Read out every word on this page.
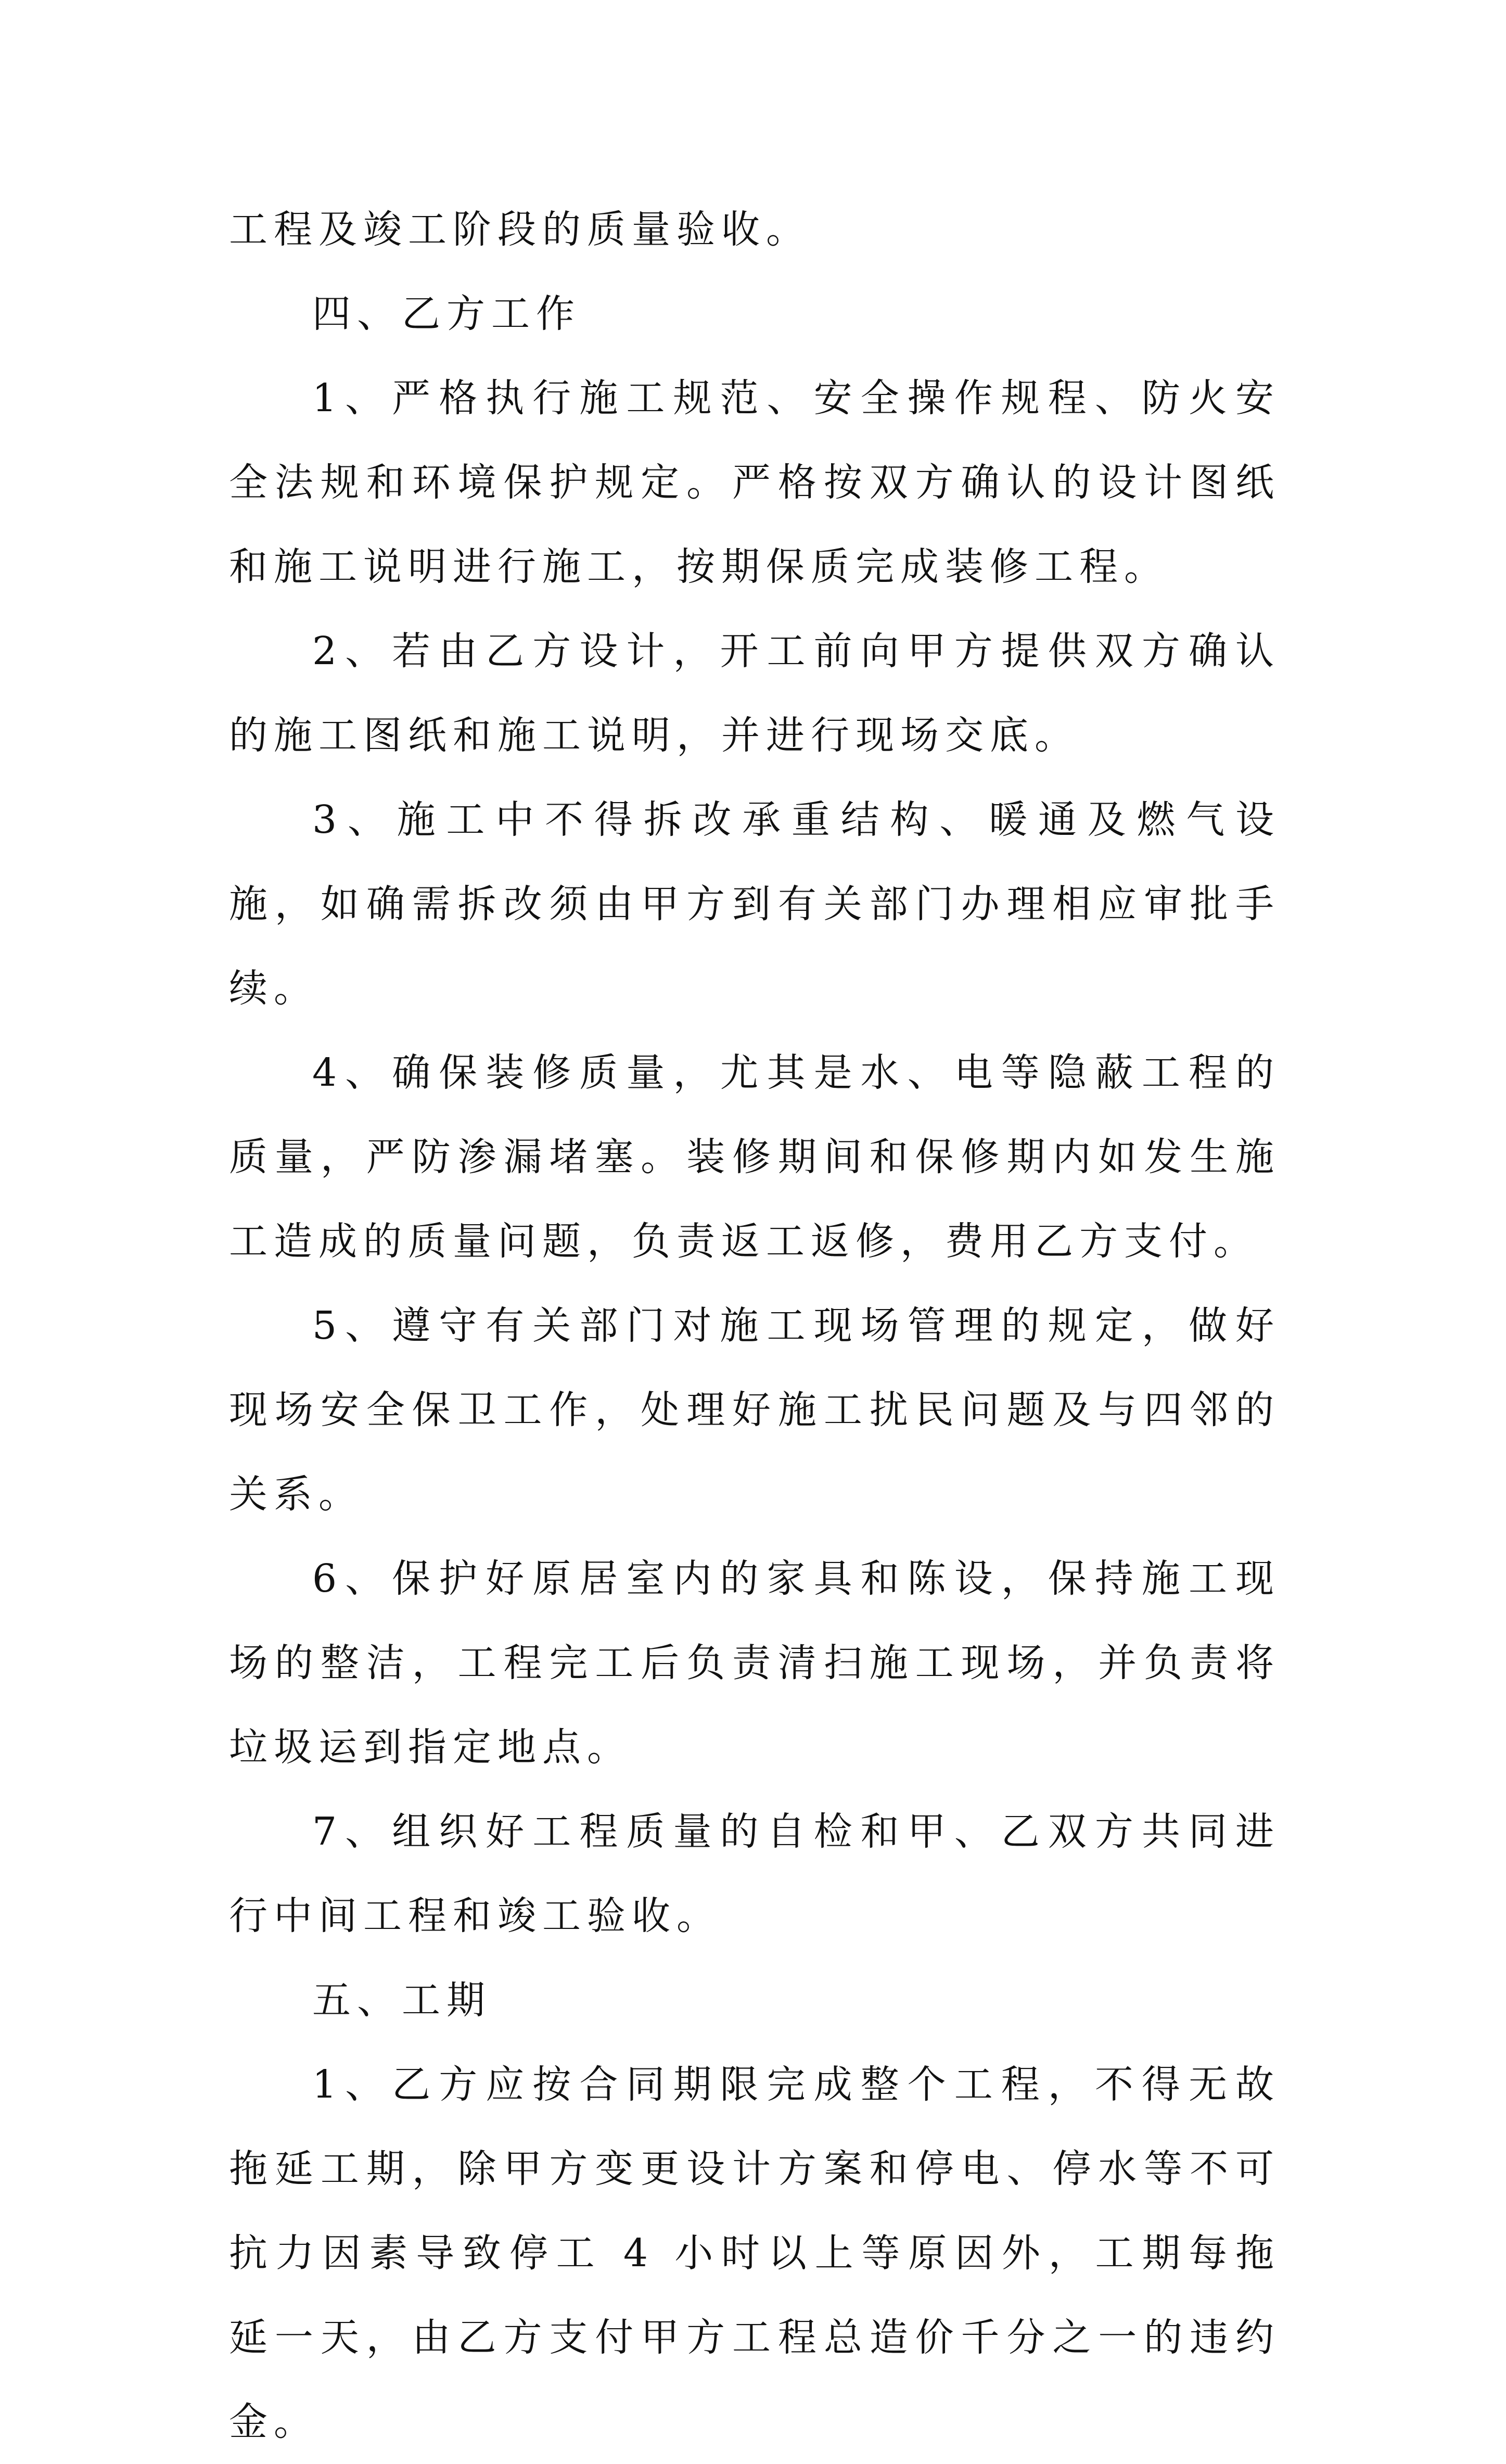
工程及竣工阶段的质量验收。

四、乙方工作

1、严格执行施工规范、安全操作规程、防火安全法规和环境保护规定。严格按双方确认的设计图纸和施工说明进行施工，按期保质完成装修工程。

2、若由乙方设计，开工前向甲方提供双方确认的施工图纸和施工说明，并进行现场交底。

3、施工中不得拆改承重结构、暖通及燃气设施，如确需拆改须由甲方到有关部门办理相应审批手续。

4、确保装修质量，尤其是水、电等隐蔽工程的质量，严防渗漏堵塞。装修期间和保修期内如发生施工造成的质量问题，负责返工返修，费用乙方支付。

5、遵守有关部门对施工现场管理的规定，做好现场安全保卫工作，处理好施工扰民问题及与四邻的关系。

6、保护好原居室内的家具和陈设，保持施工现场的整洁，工程完工后负责清扫施工现场，并负责将垃圾运到指定地点。

7、组织好工程质量的自检和甲、乙双方共同进行中间工程和竣工验收。

五、工期

1、乙方应按合同期限完成整个工程，不得无故拖延工期，除甲方变更设计方案和停电、停水等不可抗力因素导致停工 4 小时以上等原因外，工期每拖延一天，由乙方支付甲方工程总造价千分之一的违约金。
